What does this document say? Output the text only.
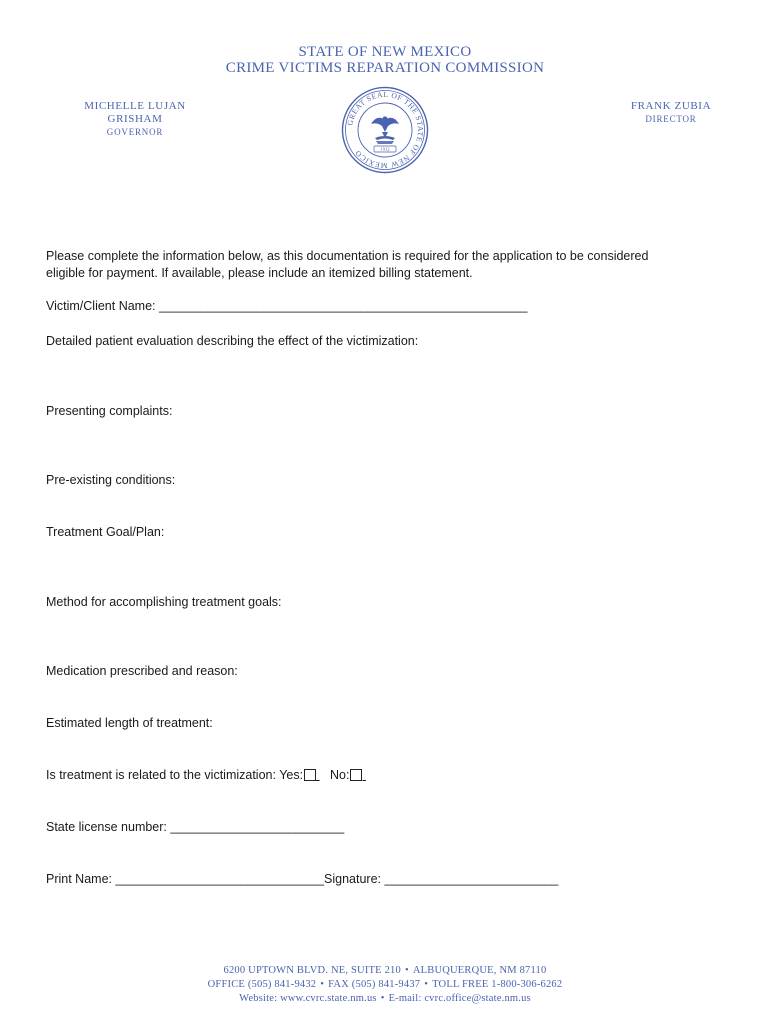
STATE OF NEW MEXICO
CRIME VICTIMS REPARATION COMMISSION
MICHELLE LUJAN GRISHAM
GOVERNOR
FRANK ZUBIA
DIRECTOR
GREAT SEAL OF THE STATE OF NEW MEXICO	1912
Please complete the information below, as this documentation is required for the application to be considered
eligible for payment. If available, please include an itemized billing statement.
Victim/Client Name: _____________________________________________________
Detailed patient evaluation describing the effect of the victimization:
Presenting complaints:
Pre-existing conditions:
Treatment Goal/Plan:
Method for accomplishing treatment goals:
Medication prescribed and reason:
Estimated length of treatment:
Is treatment is related to the victimization: Yes: No:
State license number: _________________________
Print Name: ______________________________Signature: _________________________
6200 UPTOWN BLVD. NE, SUITE 210 • ALBUQUERQUE, NM 87110
OFFICE (505) 841-9432 • FAX (505) 841-9437 • TOLL FREE 1-800-306-6262
Website: www.cvrc.state.nm.us • E-mail: cvrc.office@state.nm.us
